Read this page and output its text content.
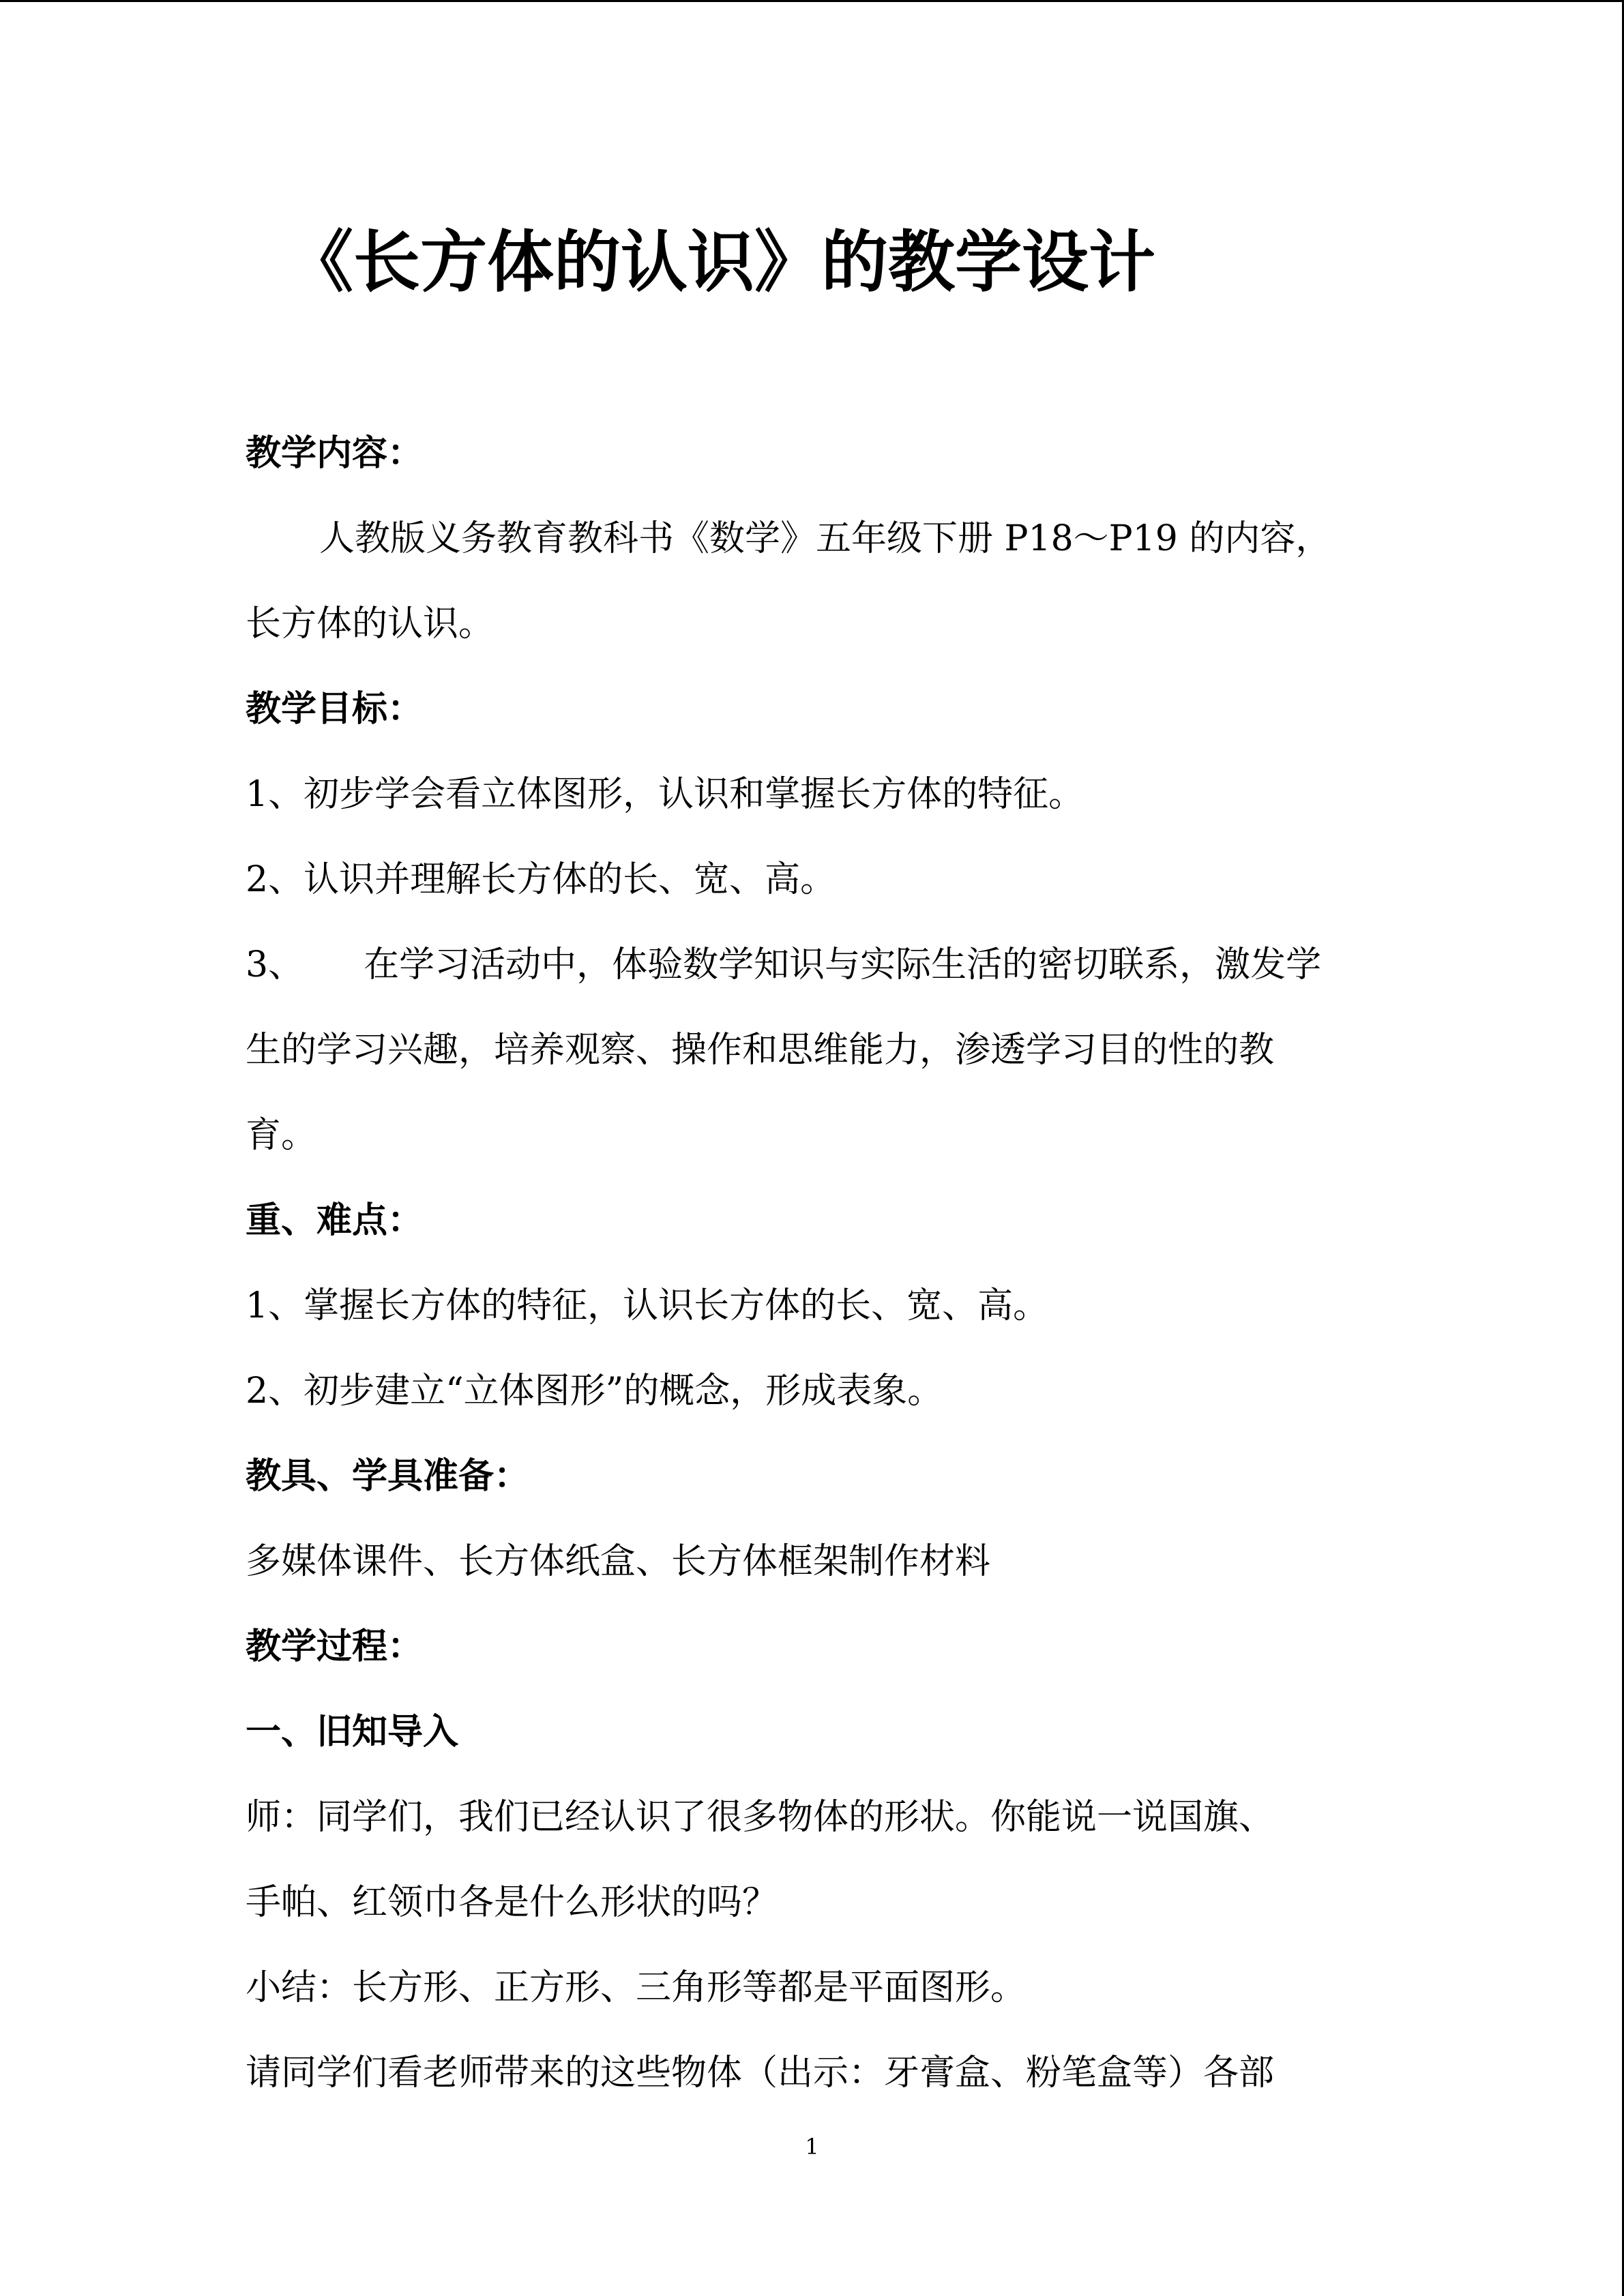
《长方体的认识》的教学设计
教学内容：
人教版义务教育教科书《数学》五年级下册 P18～P19 的内容，
长方体的认识。
教学目标：
1、初步学会看立体图形，认识和掌握长方体的特征。
2、认识并理解长方体的长、宽、高。
3、 在学习活动中，体验数学知识与实际生活的密切联系，激发学
生的学习兴趣，培养观察、操作和思维能力，渗透学习目的性的教
育。
重、难点：
1、掌握长方体的特征，认识长方体的长、宽、高。
2、初步建立“立体图形”的概念，形成表象。
教具、学具准备：
多媒体课件、长方体纸盒、长方体框架制作材料
教学过程：
一、旧知导入
师：同学们，我们已经认识了很多物体的形状。你能说一说国旗、
手帕、红领巾各是什么形状的吗？
小结：长方形、正方形、三角形等都是平面图形。
请同学们看老师带来的这些物体（出示：牙膏盒、粉笔盒等）各部
1
